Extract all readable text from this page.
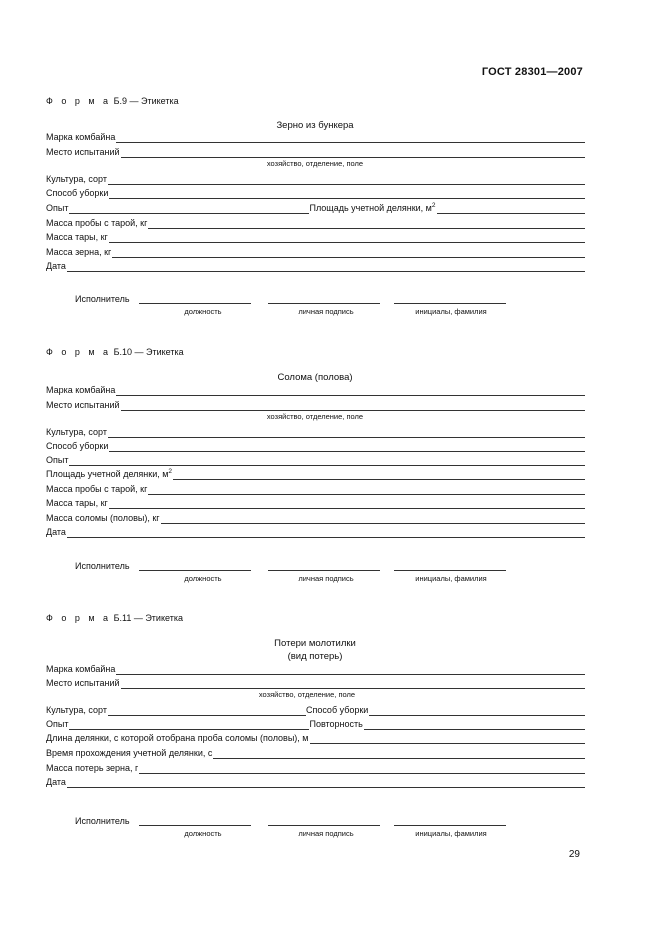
ГОСТ 28301—2007
Ф о р м а Б.9 — Этикетка
Зерно из бункера
Марка комбайна
Место испытаний
хозяйство, отделение, поле
Культура, сорт
Способ уборки
Опыт	Площадь учетной делянки, $м^2$
Масса пробы с тарой, кг
Масса тары, кг
Масса зерна, кг
Дата
Исполнитель
должность	личная подпись	инициалы, фамилия
Ф о р м а Б.10 — Этикетка
Солома (полова)
Марка комбайна
Место испытаний
хозяйство, отделение, поле
Культура, сорт
Способ уборки
Опыт
Площадь учетной делянки, $м^2$
Масса пробы с тарой, кг
Масса тары, кг
Масса соломы (половы), кг
Дата
Исполнитель
должность	личная подпись	инициалы, фамилия
Ф о р м а Б.11 — Этикетка
Потери молотилки
(вид потерь)
Марка комбайна
Место испытаний
хозяйство, отделение, поле
Культура, сорт	Способ уборки
Опыт	Повторность
Длина делянки, с которой отобрана проба соломы (половы), м
Время прохождения учетной делянки, с
Масса потерь зерна, г
Дата
Исполнитель
должность	личная подпись	инициалы, фамилия
29
